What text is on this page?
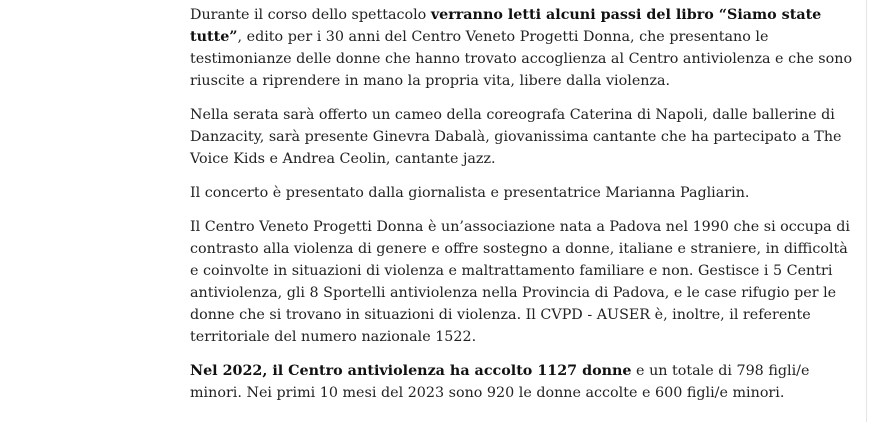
Durante il corso dello spettacolo verranno letti alcuni passi del libro “Siamo state tutte”, edito per i 30 anni del Centro Veneto Progetti Donna, che presentano le testimonianze delle donne che hanno trovato accoglienza al Centro antiviolenza e che sono riuscite a riprendere in mano la propria vita, libere dalla violenza.

Nella serata sarà offerto un cameo della coreografa Caterina di Napoli, dalle ballerine di Danzacity, sarà presente Ginevra Dabalà, giovanissima cantante che ha partecipato a The Voice Kids e Andrea Ceolin, cantante jazz.

Il concerto è presentato dalla giornalista e presentatrice Marianna Pagliarin.

Il Centro Veneto Progetti Donna è un’associazione nata a Padova nel 1990 che si occupa di contrasto alla violenza di genere e offre sostegno a donne, italiane e straniere, in difficoltà e coinvolte in situazioni di violenza e maltrattamento familiare e non. Gestisce i 5 Centri antiviolenza, gli 8 Sportelli antiviolenza nella Provincia di Padova, e le case rifugio per le donne che si trovano in situazioni di violenza. Il CVPD - AUSER è, inoltre, il referente territoriale del numero nazionale 1522.

Nel 2022, il Centro antiviolenza ha accolto 1127 donne e un totale di 798 figli/e minori. Nei primi 10 mesi del 2023 sono 920 le donne accolte e 600 figli/e minori.
